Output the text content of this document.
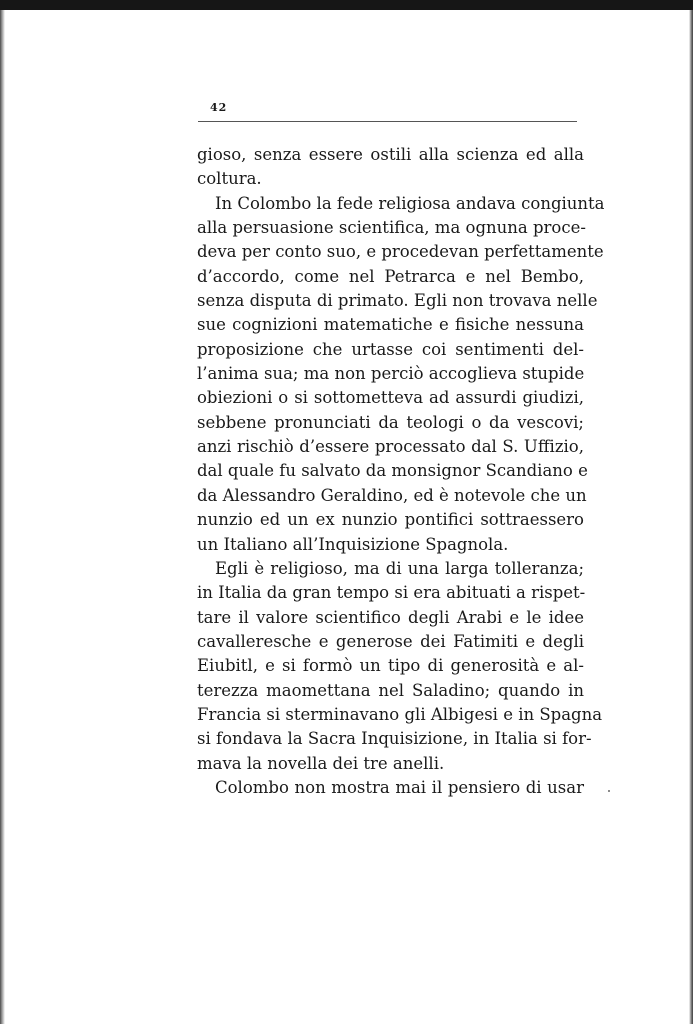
42
gioso, senza essere ostili alla scienza ed alla
coltura.
In Colombo la fede religiosa andava congiunta
alla persuasione scientifica, ma ognuna proce-
deva per conto suo, e procedevan perfettamente
d’accordo, come nel Petrarca e nel Bembo,
senza disputa di primato. Egli non trovava nelle
sue cognizioni matematiche e fisiche nessuna
proposizione che urtasse coi sentimenti del-
l’anima sua; ma non perciò accoglieva stupide
obiezioni o si sottometteva ad assurdi giudizi,
sebbene pronunciati da teologi o da vescovi;
anzi rischiò d’essere processato dal S. Uffizio,
dal quale fu salvato da monsignor Scandiano e
da Alessandro Geraldino, ed è notevole che un
nunzio ed un ex nunzio pontifici sottraessero
un Italiano all’Inquisizione Spagnola.
Egli è religioso, ma di una larga tolleranza;
in Italia da gran tempo si era abituati a rispet-
tare il valore scientifico degli Arabi e le idee
cavalleresche e generose dei Fatimiti e degli
Eiubitl, e si formò un tipo di generosità e al-
terezza maomettana nel Saladino; quando in
Francia si sterminavano gli Albigesi e in Spagna
si fondava la Sacra Inquisizione, in Italia si for-
mava la novella dei tre anelli.
Colombo non mostra mai il pensiero di usar
